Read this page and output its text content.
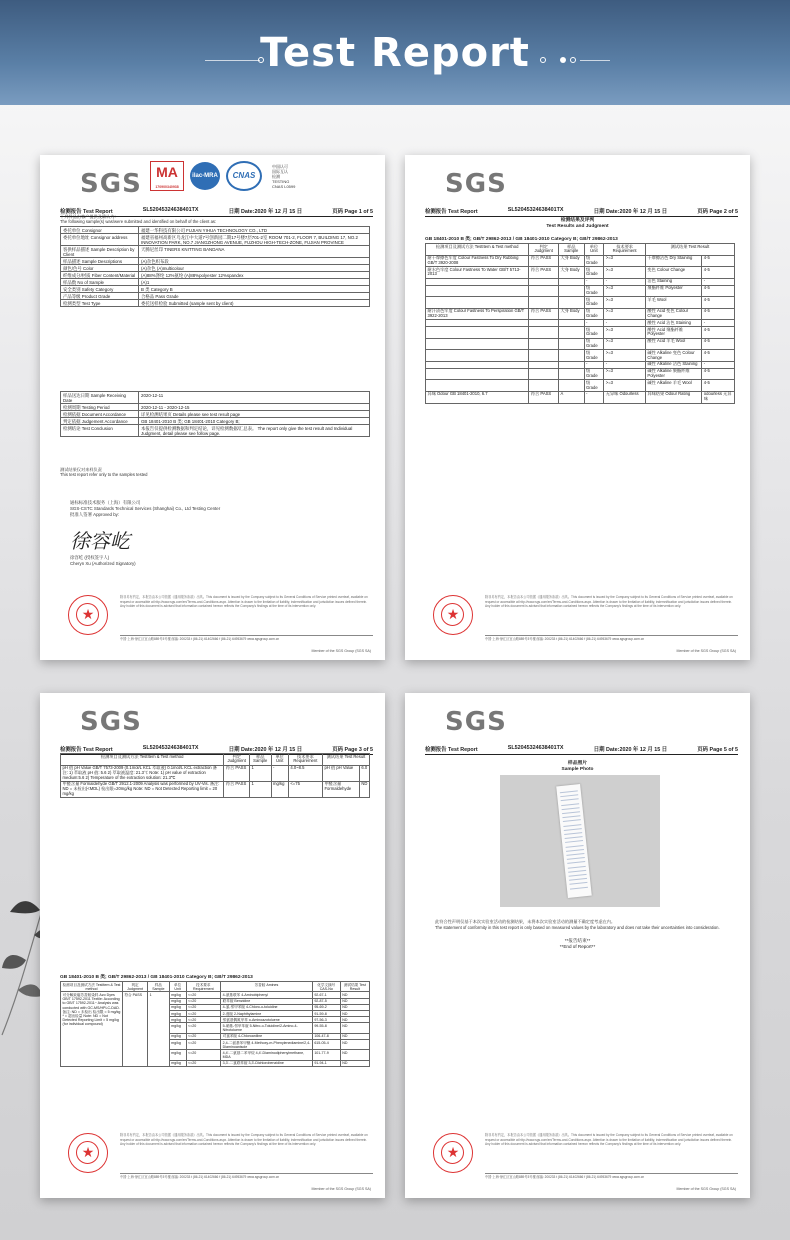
Test Report
SGS	MA
170900340938
ilac-MRA	CNAS
中国认可
国际互认
检测
TESTING
CNAS L0599
检测报告 Test Report	SL52045324638401TX	日期 Date:2020 年 12 月 15 日	页码 Page 1 of 5
下列样品由客户提供及确认为:
The following sample(s) was/were submitted and identified on behalf of the client as:
委托单位 Consignor	福建一华科技有限公司 FUJIAN YIHUA TECHNOLOGY CO., LTD
委托单位地址 Consignor address	福建省福州高新区乌龙江中大道7号创新园二期17号楼7层701-2室 ROOM 701-2, FLOOR 7, BUILDING 17, NO.2 INNOVATION PARK, NO.7 JIANGZHONG AVENUE, FUZHOU HIGH-TECH-ZONE, FUJIAN PROVINCE
客供样品描述 Sample Description by Client	天腾尼丝印 TINERS KNITTING BANDANA
样品描述 Sample Descriptions	(A)杂色织布段
颜色/色号 Color	(A)杂色 (A)multicolour
纤维成分/材质 Fiber Content/Material	(A)88%涤纶 12%氨纶 (A)88%polyester 12%spandex
样品数 No of Sample	(A)1
安全类别 Safety Category	B 类 Category B
产品等级 Product Grade	合格品 Pass Grade
检测类型 Test Type	委托送样检验 Submitted (sample sent by client)
样品送达日期 Sample Receiving Date	2020-12-11
检测周期 Testing Period	2020-12-11 - 2020-12-15
检测依据 Document Accordance	详见检测结果页 Details please see test result page
判定依据 Judgement Accordance	GB 18401-2010 B 类; GB 18401-2010 Category B;
检测结论 Test Conclusion	本报告仅提供检测数据和判定结论，详见检测数据/汇总表。 The report only give the test result and Individual Judgment, detail please see follow page.
测试结果仅对来样负责
This test report refer only to the samples tested
通标标准技术服务（上海）有限公司
SGS-CSTC Standards Technical Services (Shanghai) Co., Ltd Testing Center
批准人签署 Approved by:
徐容屹
徐容屹 (授权签字人)
Cheryn Xu (Authorized Signatory)
★
除非另有约定，本报告由本公司依据《通用服务条款》出具。This document is issued by the Company subject to its General Conditions of Service printed overleaf, available on request or accessible at http://www.sgs.com/en/Terms-and-Conditions.aspx. Attention is drawn to the limitation of liability, indemnification and jurisdiction issues defined therein. Any holder of this document is advised that information contained hereon reflects the Company's findings at the time of its intervention only.
中国·上海·徐汇区宜山路889号3号楼 邮编: 200233 t (86-21) 61402666 f (86-21) 64953679 www.sgsgroup.com.cn
Member of the SGS Group (SGS SA)
SGS
检测报告 Test Report	SL52045324638401TX	日期 Date:2020 年 12 月 15 日	页码 Page 2 of 5
检测结果及评判
Test Results and Judgment
GB 18401-2010 B 类; GB/T 29862-2013 / GB 18401-2010 Category B; GB/T 29862-2013
检测项目及测试方法 TestItem & Test method	判定 Judgment	样品 Sample	单位 Unit	技术要求 Requirement	测试结果 Test Result	
耐干摩擦色牢度 Colour Fastness To Dry Rubbing GB/T 3920-2008	符合 PASS	大身 Body	级 Grade	>=3	干摩擦沾色 Dry Staining	4-5
耐水色牢度 Colour Fastness To Water GB/T 5713-2013	符合 PASS	大身 Body	级 Grade	>=3	变色 Colour Change	4-5
			-	-	沾色 Staining	-
			级 Grade	>=3	聚酯纤维 Polyester	4-5
			级 Grade	>=3	羊毛 Wool	4-5
耐汗渍色牢度 Colour Fastness To Perspiration GB/T 3922-2013	符合 PASS	大身 Body	级 Grade	>=3	酸性 Acid 变色 Colour Change	4-5
			-	-	酸性 Acid 沾色 Staining	-
			级 Grade	>=3	酸性 Acid 聚酯纤维 Polyester	4-5
			级 Grade	>=3	酸性 Acid 羊毛 Wool	4-5
			级 Grade	>=3	碱性 Alkaline 变色 Colour Change	4-5
			-	-	碱性 Alkaline 沾色 Staining	-
			级 Grade	>=3	碱性 Alkaline 聚酯纤维 Polyester	4-5
			级 Grade	>=3	碱性 Alkaline 羊毛 Wool	4-5
异味 Odour GB 18401-2010, 6.7	符合 PASS	A	-	无异味 Odourless	异味结果 Odour Rating	odourless 无异味
★
除非另有约定，本报告由本公司依据《通用服务条款》出具。This document is issued by the Company subject to its General Conditions of Service printed overleaf, available on request or accessible at http://www.sgs.com/en/Terms-and-Conditions.aspx. Attention is drawn to the limitation of liability, indemnification and jurisdiction issues defined therein. Any holder of this document is advised that information contained hereon reflects the Company's findings at the time of its intervention only.
中国·上海·徐汇区宜山路889号3号楼 邮编: 200233 t (86-21) 61402666 f (86-21) 64953679 www.sgsgroup.com.cn
Member of the SGS Group (SGS SA)
SGS
检测报告 Test Report	SL52045324638401TX	日期 Date:2020 年 12 月 15 日	页码 Page 3 of 5
检测项目及测试方法 TestItem & Test method	判定 Judgment	样品 Sample	单位 Unit	技术要求 Requirement	测试结果 Test Result	
pH 值 pH Value GB/T 7573-2009 (0.1mol/L KCL 萃取液) 0.1mol/L KCL extraction 备注: 1) 萃取液 pH 值: 5.6 2) 萃取液温度: 21.3℃ Note: 1) pH value of extraction medium:5.6 2) Temperature of the extraction solution: 21.3℃	符合 PASS	1	-	4.0~8.5	pH 值 pH Value	6.0
甲醛含量 Formaldehyde GB/T 2912.1-2009 Analysis was performed by UV-Vis. 备注: ND = 未检出(<MDL) 检出限=20mg/kg Note: ND = Not Detected Reporting limit = 20 mg/kg	符合 PASS	1	mg/kg	<=75	甲醛含量 Formaldehyde	ND
GB 18401-2010 B 类; GB/T 29862-2013 / GB 18401-2010 Category B; GB/T 29862-2013
检测项目及测试方法 TestItem & Test method	判定 Judgment	样品 Sample	单位 Unit	技术要求 Requirement	芳香胺 Amines	化学文摘号 CAS-No	测试结果 Test Result
可分解致癌芳香胺染料 Azo Dyes GB/T 17592-2011 Textile: According to GB/T 17592-2011~ Analysis was conducted with GC-MS/HPLC-DAD. 备注: ND = 未检出 检出限 = 5 mg/kg * = 超出检量 Note: ND = Not Detected Reporting Limit = 5 mg/kg (for individual compound)	符合 PASS	1	mg/kg	<=20	4-氨基联苯 4-Aminobiphenyl	92-67-1	ND
			mg/kg	<=20	联苯胺 Benzidine	92-87-5	ND
			mg/kg	<=20	4-氯-邻甲苯胺 4-Chloro-o-toluidine	95-69-2	ND
			mg/kg	<=20	2-萘胺 2-Naphthylamine	91-59-8	ND
			mg/kg	<=20	邻氨基偶氮甲苯 o-Aminoazotoluene	97-56-3	ND
			mg/kg	<=20	5-硝基-邻甲苯胺 5-Nitro-o-Toluidine/2-Amino-4-Nitrotoluene	99-55-8	ND
			mg/kg	<=20	对氯苯胺 4-Chloroaniline	106-47-8	ND
			mg/kg	<=20	2,4-二氨基苯甲醚 4-Methoxy-m-Phenylenediamine/2,4-Diaminoanisole	615-05-4	ND
			mg/kg	<=20	4,4'-二氨基二苯甲烷 4,4'-Diaminodiphenylmethane, MDA	101-77-9	ND
			mg/kg	<=20	3,3'-二氯联苯胺 3,3'-Dichlorobenzidine	91-94-1	ND
★
除非另有约定，本报告由本公司依据《通用服务条款》出具。This document is issued by the Company subject to its General Conditions of Service printed overleaf, available on request or accessible at http://www.sgs.com/en/Terms-and-Conditions.aspx. Attention is drawn to the limitation of liability, indemnification and jurisdiction issues defined therein. Any holder of this document is advised that information contained hereon reflects the Company's findings at the time of its intervention only.
中国·上海·徐汇区宜山路889号3号楼 邮编: 200233 t (86-21) 61402666 f (86-21) 64953679 www.sgsgroup.com.cn
Member of the SGS Group (SGS SA)
SGS
检测报告 Test Report	SL52045324638401TX	日期 Date:2020 年 12 月 15 日	页码 Page 5 of 5
样品照片
Sample Photo
此符合性声明仅基于本次实验室活动的检测结果，未将本次实验室活动的测量不确定度考虑在内。
The statement of conformity in this test report is only based on measured values by the laboratory and does not take their uncertainties into consideration.
**报告结束**
**End of Report**
★
除非另有约定，本报告由本公司依据《通用服务条款》出具。This document is issued by the Company subject to its General Conditions of Service printed overleaf, available on request or accessible at http://www.sgs.com/en/Terms-and-Conditions.aspx. Attention is drawn to the limitation of liability, indemnification and jurisdiction issues defined therein. Any holder of this document is advised that information contained hereon reflects the Company's findings at the time of its intervention only.
中国·上海·徐汇区宜山路889号3号楼 邮编: 200233 t (86-21) 61402666 f (86-21) 64953679 www.sgsgroup.com.cn
Member of the SGS Group (SGS SA)
